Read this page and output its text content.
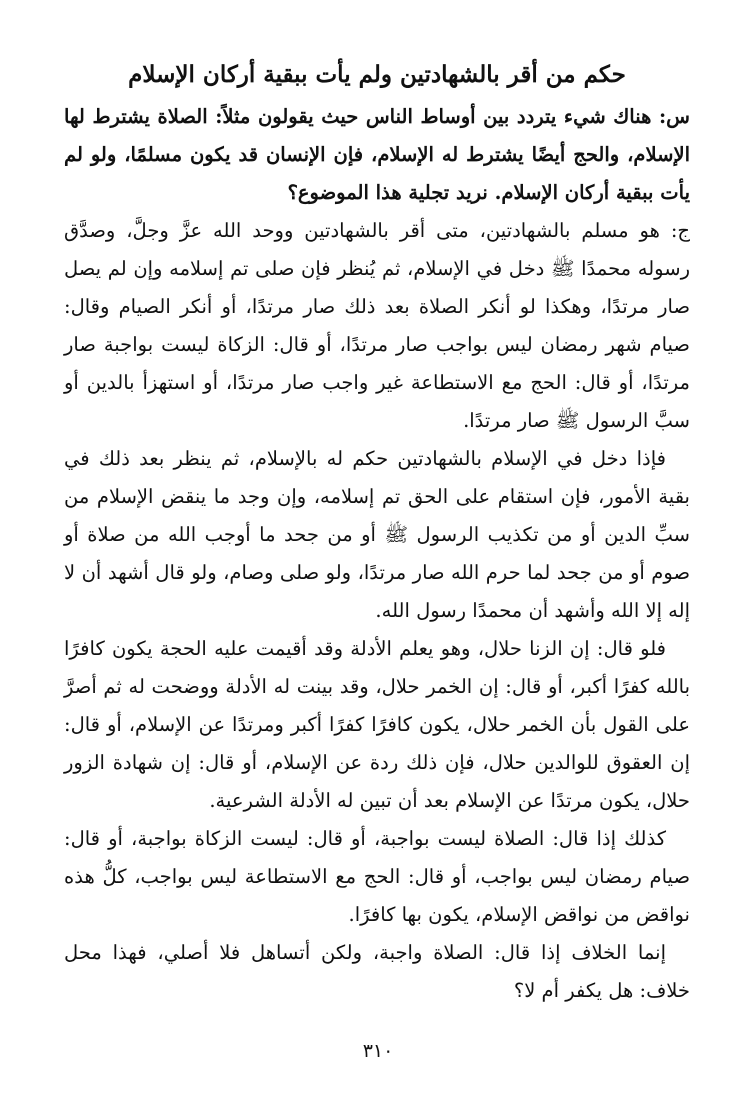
حكم من أقر بالشهادتين ولم يأت ببقية أركان الإسلام

س: هناك شيء يتردد بين أوساط الناس حيث يقولون مثلاً: الصلاة يشترط لها الإسلام، والحج أيضًا يشترط له الإسلام، فإن الإنسان قد يكون مسلمًا، ولو لم يأت ببقية أركان الإسلام. نريد تجلية هذا الموضوع؟

ج: هو مسلم بالشهادتين، متى أقر بالشهادتين ووحد الله عزَّ وجلَّ، وصدَّق رسوله محمدًا ﷺ دخل في الإسلام، ثم يُنظر فإن صلى تم إسلامه وإن لم يصل صار مرتدًا، وهكذا لو أنكر الصلاة بعد ذلك صار مرتدًا، أو أنكر الصيام وقال: صيام شهر رمضان ليس بواجب صار مرتدًا، أو قال: الزكاة ليست بواجبة صار مرتدًا، أو قال: الحج مع الاستطاعة غير واجب صار مرتدًا، أو استهزأ بالدين أو سبَّ الرسول ﷺ صار مرتدًا.

فإذا دخل في الإسلام بالشهادتين حكم له بالإسلام، ثم ينظر بعد ذلك في بقية الأمور، فإن استقام على الحق تم إسلامه، وإن وجد ما ينقض الإسلام من سبِّ الدين أو من تكذيب الرسول ﷺ أو من جحد ما أوجب الله من صلاة أو صوم أو من جحد لما حرم الله صار مرتدًا، ولو صلى وصام، ولو قال أشهد أن لا إله إلا الله وأشهد أن محمدًا رسول الله.

فلو قال: إن الزنا حلال، وهو يعلم الأدلة وقد أقيمت عليه الحجة يكون كافرًا بالله كفرًا أكبر، أو قال: إن الخمر حلال، وقد بينت له الأدلة ووضحت له ثم أصرَّ على القول بأن الخمر حلال، يكون كافرًا كفرًا أكبر ومرتدًا عن الإسلام، أو قال: إن العقوق للوالدين حلال، فإن ذلك ردة عن الإسلام، أو قال: إن شهادة الزور حلال، يكون مرتدًا عن الإسلام بعد أن تبين له الأدلة الشرعية.

كذلك إذا قال: الصلاة ليست بواجبة، أو قال: ليست الزكاة بواجبة، أو قال: صيام رمضان ليس بواجب، أو قال: الحج مع الاستطاعة ليس بواجب، كلُّ هذه نواقض من نواقض الإسلام، يكون بها كافرًا.

إنما الخلاف إذا قال: الصلاة واجبة، ولكن أتساهل فلا أصلي، فهذا محل خلاف: هل يكفر أم لا؟

٣١٠
